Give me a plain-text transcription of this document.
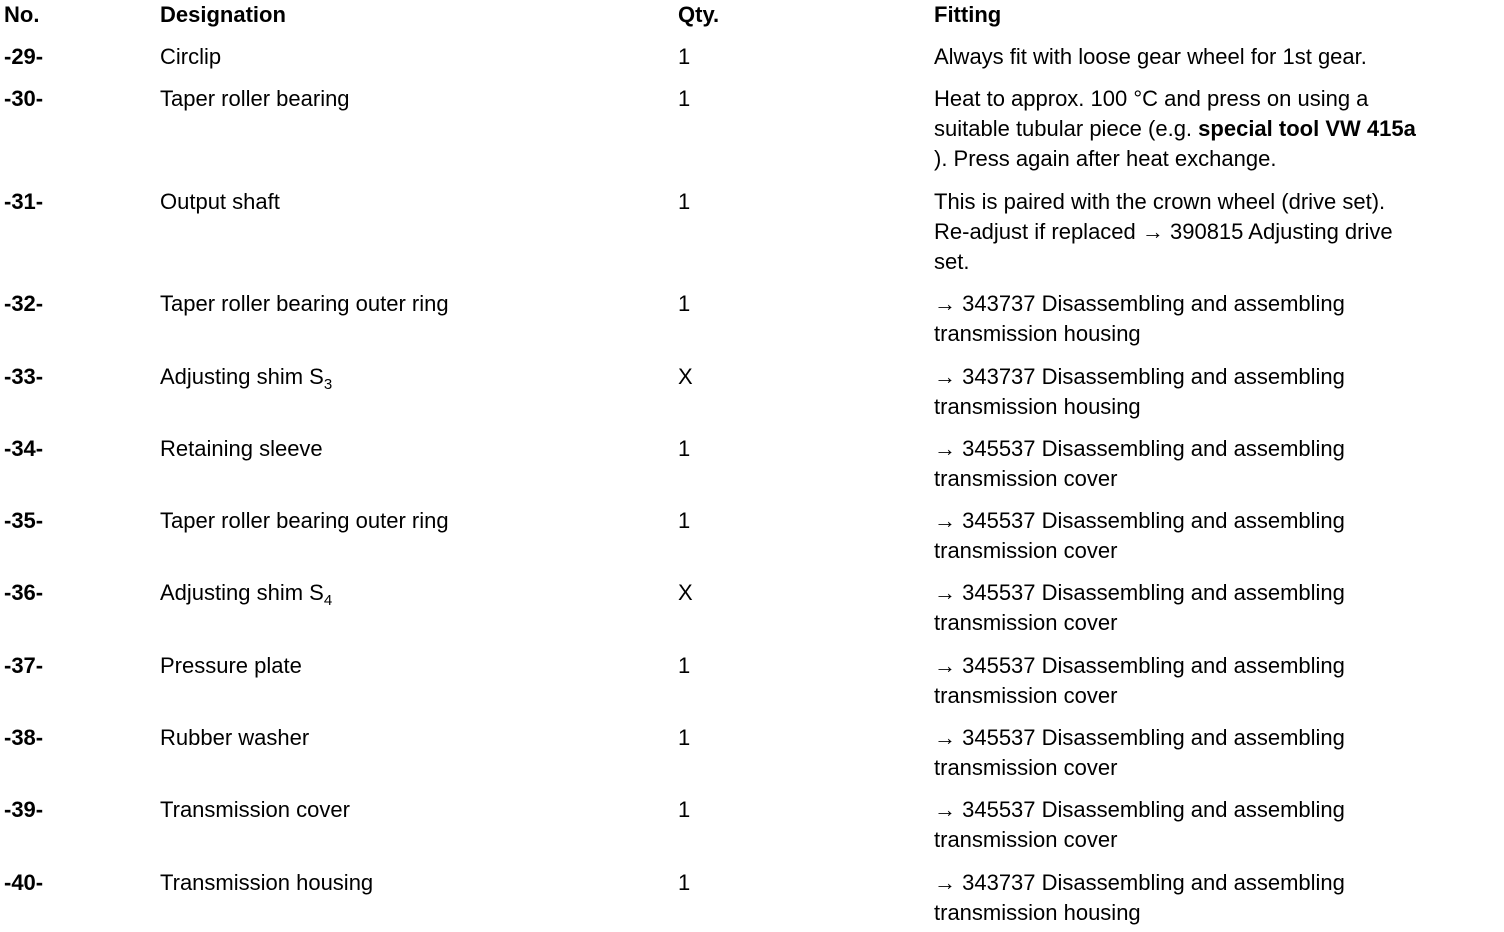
No.	Designation	Qty.	Fitting
-29-	Circlip	1	Always fit with loose gear wheel for 1st gear.
-30-	Taper roller bearing	1	Heat to approx. 100 °C and press on using a
suitable tubular piece (e.g. special tool VW 415a
). Press again after heat exchange.
-31-	Output shaft	1	This is paired with the crown wheel (drive set).
Re-adjust if replaced → 390815 Adjusting drive
set.
-32-	Taper roller bearing outer ring	1	→ 343737 Disassembling and assembling
transmission housing
-33-	Adjusting shim $S_3$	X	→ 343737 Disassembling and assembling
transmission housing
-34-	Retaining sleeve	1	→ 345537 Disassembling and assembling
transmission cover
-35-	Taper roller bearing outer ring	1	→ 345537 Disassembling and assembling
transmission cover
-36-	Adjusting shim $S_4$	X	→ 345537 Disassembling and assembling
transmission cover
-37-	Pressure plate	1	→ 345537 Disassembling and assembling
transmission cover
-38-	Rubber washer	1	→ 345537 Disassembling and assembling
transmission cover
-39-	Transmission cover	1	→ 345537 Disassembling and assembling
transmission cover
-40-	Transmission housing	1	→ 343737 Disassembling and assembling
transmission housing
